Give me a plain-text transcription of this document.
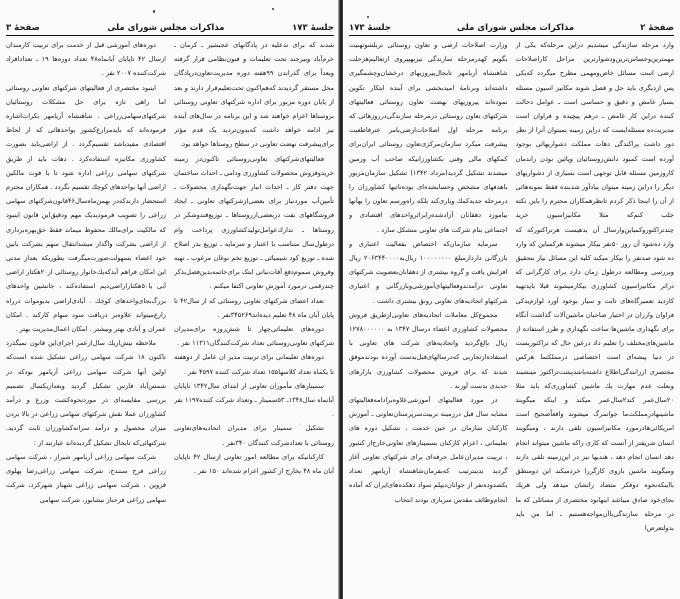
جلسهٔ ۱۷۳
مذاکرات مجلس شورای ملی
صفحهٔ ۳

شدند که برای تدعلیه در پادگانهای عجبشیر ـ کرمان ـ خرم‌آباد وبیرجند تحت تعلیمات و فنون‌نظامی قرار گرفته وبعداً برای گذراندن ۹۹هفته دوره مدیریت‌تعاون‌درپادگان محل مستقر گردیدند که‌هم‌اکنون تحت‌تعلیم‌قرار دارند و بعد از پایان دوره مزبور برای اداره شرکتهای تعاونی روستائی بروستاها اعزام خواهند شد و این برنامه در سال‌های آینده نیز ادامه خواهد داشت که‌بدون‌تردید یک قدم مؤثر برای‌پیشرفت نهضت تعاونی در سطح روستاها خواهد بود.

فعالیتهای‌شرکتهای تعاونی‌روستائی تاکنون‌در زمینه خرید‌وفروش محصولات کشاورزی ودامی ـ احداث ساختمان جهت دفتر کار ـ احداث انبار جهت‌نگهداری محصولات ـ تأمین‌آب موردنیاز برای بعضی‌از‌شرکتهای تعاونی ـ ایجاد فروشگاههای نفت دربعضی‌از‌روستاها ـ توزیع‌قندوشکر در روستاها ـ تدارك‌عوامل‌تولیدکشاورزی پرداخت وام درطول‌سال متناسب با اعتبار و سرمایه ـ توزیع بذر اصلاح شده ـ توزیع کود شیمیائی ـ توزیع تخم نوغان مرغوب ـ تهیه وفروش سموم‌دفع آفات‌نباتی ایتک برای‌خاتمه‌بدین‌فصل‌بذکر چندرقمی درمورد آموزش تعاونی اکتفا میکنم .

تعداد اعضای شرکتهای تعاونی روستائی که از سال۴۲ تا پایان آبان ماه ۴۸ تعلیم دیده‌اند۳۴۵۲۶۹‌نفر .

دوره‌های تعلیماتی‌چهار تا شش‌روزه برای‌مدیران شرکتهای تعاونی‌روستائی تعداد شرکت‌کنندگان۱۱۳۱۱ نفر .

دوره‌های تعلیماتی برای تربیت مدیر ان عامل از دوهفته تا یکماه تعداد کلاسها۱۵۵ تعداد شرکت کننده ۴۵۹۷ نفر .

سمینارهای مأموران تعاونی از ابتدای سال۱۳۴۲ تاپایان آبانماه سال۱۳۴۸ـ ۵۳سمینار ـ وتعداد شرکت کننده۱۱۹۷ نفر .

تشکیل ۤ سمینار برای مدیران اتحادیه‌های‌تعاونی روستائی با تعدادشرکت کنندگان ۳۴۰نفر .

کارکنانیکه برای مطالعه امور تعاونی ازسال ۴۲ تاپایان آبان ماه ۴۸ بخارج از کشور اعزام شده‌اند ۱۵۰ نفر .

دوره‌های آموزشی قبل از خدمت برای تربیت کارمندان ازسال ۴۲ تاپایان آبانماه۴۸ تعداد دوره‌ها ۱۹ ـ تعدادافراد شرکت‌کننده ۲۰۰۷ نفر .

اینبود مختصری از فعالیتهای شرکتهای تعاونی روستائی اما راهی تازه برای حل مشکلات روستائیان شرکتهای‌سهامی‌زراعی . شاهنشاه آریامهر بکرات‌اشاره فرموده‌اند که بایدمزارع‌کشور بواحدهائی که از لحاظ اقتصادی مفیدباشد تقسیم‌گردد . از اراضی‌باید بصورت کشاورزی مکانیزه استفاده‌کرد . دهات باید از طریق شرکتهای سهامی زراعی اداره شود تا با فوت مالکین اراضی آنها بواحدهای کوچك تقسیم نگردد . همکاران محترم استحضار دارندکه‌در بهمن‌ماه‌سال۴۶قانون‌شرکتهای سهامی زراعی را تصویب فرمودید‌یک مهم ودقیق‌این قانون اینبود که مالکیت برای‌مالك محفوظ میماند فقط حق‌بهره‌برداری از اراضی بشرکت واگذار میشد‌انتقال سهم بشرکت بابین خود اعضاء بسهولت‌صورت‌میگرفت بطوریکه بعداز مدتی این امکان فراهم آید‌که‌یك‌خانوار روستائی از۲۰هکتار اراضی آبی یا۵۰هکتار‌اراضی‌دیم استفاده‌کند ، جانشین واحدهای بزرگ‌بجای‌واحدهای کوچك . آبادی‌اراضی بدیوموات درراه زارع‌میتواند علاوه‌بر دریافت سود سهام کارکند . امکان عمران و آبادی بهتر وبیشتر . امکان اعمال‌مدیریت بهتر .

ملاحظه بیش‌ازیك سال‌ازعمر اجرای‌این قانون نمیگذرد تاکنون ۱۸ شرکت سهامی زراعی تشکیل شده است‌که اولین آنها شرکت سهامی زراعی آریامهر بودکه در شمس‌آباد فارس تشکیل گردید وبعدازیکسال تصمیم بررسی مقایسه‌ای در موردنحوه‌کشت وزرع و درآمد کشاورزان عملا نقش شرکتهای سهامی زراعی در بالا بردن میزان محصول و درآمد سرانه‌کشاورزان ثابت گردید. شرکتهائی‌که تابحال تشکیل گردیده‌اند عبارتند از :

شرکت سهامی زراعی آریامهر شیراز ، شرکت سهامی زراعی فرح سنندج، شرکت سهامی زراعی‌رضا پهلوی قزوین ، شرکت سهامی زراعی شهناز شهرکرد، شرکت سهامی زراعی فرحناز نیشابور، شرکت سهامی

صفحهٔ ۲
مذاکرات مجلس شورای ملی
جلسهٔ ۱۷۳

وارد مرحله سازندگی میشدیم دراین مرحله‌که یکی از مهمترین‌وحساس‌ترین‌ودشوارترین مراحل کاراصلاحات ارضی است مسائل خاص‌ومهمی مطرح میگردد که‌یکی پس ازدیگری باید حل و فصل شوند مکانیز اسیون مسئله بسیار غامض و دقیق و حساسی است ـ عوامل دخالت کننده دراین کار غامض ـ درهم پیچیده و فراوان است مدیریت‌ده مسئله‌ایست که دراین زمینه نمیتوان آنرا از نظر دور داشت پراکندگی دهات مملکت دشواریهائی بوجود آورده است کمبود دانش‌روستائیان وپائین بودن راندمان کاروزمین مسئله قابل توجهی است بسیاری از دشواریهای دیگر را دراین زمینه میتوان بیادآور شدبنده فقط نمونه‌هائی از آن را اینجا ذکر کردم تانظرهمکاران محترم را باین نکته جلب کنم‌که مثلا مکانیزاسیون خرید چندتراکتوروکمباین‌وارسال آن بدهیست هرتراکتور‌که که وارد ده‌شود آن روز ۵۰نفر بیکار میشوند هرکمباین که وارد ده شود صدنفر را بیکار میکند کلیه این مسائل نیاز بتحقیق وبررسی ومطالعه درطول زمان دارد برای کارگرانی که دراثر مکانیزاسیون کشاورزی بیکارمیشوند قبلا بایدتهیه کاردید تعمیرگاه‌های ثابت و سیار بوجود آورد لوازم‌یدکی فراوان وارزان در اختیار صاحبان ماشین‌آلات گذاشت آنگاه برای نگهداری ماشین‌ها ساخت نگهداری و طرز استفاده از ماشین‌های‌مختلف را تعلیم داد درعین حال که تراکتوریست در دنیا پیشه‌ای است اختصاصی درمملکتما هرکس مختصری ازرانندگی‌اطلاع داشته‌باشد‌پشت‌تراکتور مینشیند وبعلت عدم مهارت یك ماشین کشاورزی‌که باید مثلا ۲۰سال‌عمر کند۲سال‌عمر میکند و اینکه میگویند ماشینهادرمملکت‌ما جوانمرگ میشوند واقعاًصحیح است امریکائی‌هادرمورد مکانیزاسیون تلقی دارند ، ومیگویند انسان شریفتر از آنست که کاری را‌که ماشین میتواند انجام دهد انسان انجام دهد ، هندیها نیز در این‌زمینه تلقی دارند ومیگویند ماشین بازوی کارگررا خردمیکند این دومنطق بااینکه‌نحوه دوفکر متضاد راتشان میدهد ولی هریك بجای‌خود صادق میباشد اینهابود مختصری از مسائلی که ما در مرحله سازندگی‌با‌آن‌مواجه‌هستیم ـ اما من باید بدولتعرض‌ا

وزارت اصلاحات ارضی و تعاون روستائی تربلشو‌تهنیت بگویم کهدرمرحله سازندگی نیزبهپیروی ازتعالیم‌هرحلت شاهنشاه آریامهر تابحال‌پیروزیهای درخشان‌وچشمگیری داشته‌اند وبرنامهٔ امیدبخشی برای آینده ابتکار تکوین نموده‌اند پیروزیهای نهضت تعاون روستائی فعالیتهای شرکتهای تعاون روستائی درمرحله سازندگی‌درروزهائی که برنامه مرحله اول اصلاحات‌ارضی‌بامر عترفاطعیت پیشرفت میکرد سازمان‌مرکزی‌تعاون روستائی ایران‌برای کمکهای مالی وفنی بکشاورزانیکه صاحب آب وزمین میشدند تشکیل گردید(مرداد ۱۳۴۲) تشکیل سازمان‌مزبور باهدفهای مشخص وحسابشده‌ای بوده‌تاتنها کشاورزان را درمرحله جدیدکمك ویاری‌کند بلکه راه‌ورسم تعاون را بهآنها بیاموزد دهقانان آزادشده‌رابراثرواحدهای اقتصادی و اجتماعی بنام شرکت های تعاونی متشکل سازد .

سرمایه سازمان‌که اختصاص بفعالیت اعتباری و بازرگانی داردازمبلغ ۱۰۰۰۰۰۰۰۰ ریال‌به۲۰۶۳۴۴۰۰۰۰ ریال افزایش یافت و گروه بیشتری از دهقانان‌بعضویت شرکتهای تعاونی درآمدندوفعالیتهای‌آموزشی‌وبازرگانی و اعتباری شرکتهاو اتحادیه‌های تعاونی رونق بیشتری داشت .

مجموع‌کل معاملات اتحادیه‌های تعاونی‌ازطریق فروش محصولات کشاورزی اعضاء درسال ۱۳۴۷ به ۱۲۷۸۰۰۰۰۰۰ ریال بالغ‌گردید واتحادیه‌های شرکت های تعاونی با استفاده‌ازتجاربی که‌درسالهای‌قبل‌بدست آورده بودندموفق شدند که برای فروش محصولات کشاورزی بازارهای جدیدی بدست آورند .

در مورد فعالیتهای آموزشی‌علاوه‌برادامه‌فعالیتهای مشابه سال قبل درزمینه تربیت‌سرپرستان‌تعاونی ـ آموزش کارکنان سازمان در حین خدمت ، تشکیل دوره های تعلیماتی ، اعزام کارکنان بسمینارهای تعاونی‌خارج‌از کشور ، تربیت مدیران‌عامل حرفه‌ای برای شرکتهای تعاونی آغاز گردید بدینترتیب که‌بفرمان‌شاهنشاه آریامهر تعداد یکصدوده‌نفر از جوانان‌دیپلم سواد دهکده‌های‌ایران که آماده انجام‌وظائف مقدس سربازی بودند انتخاب
